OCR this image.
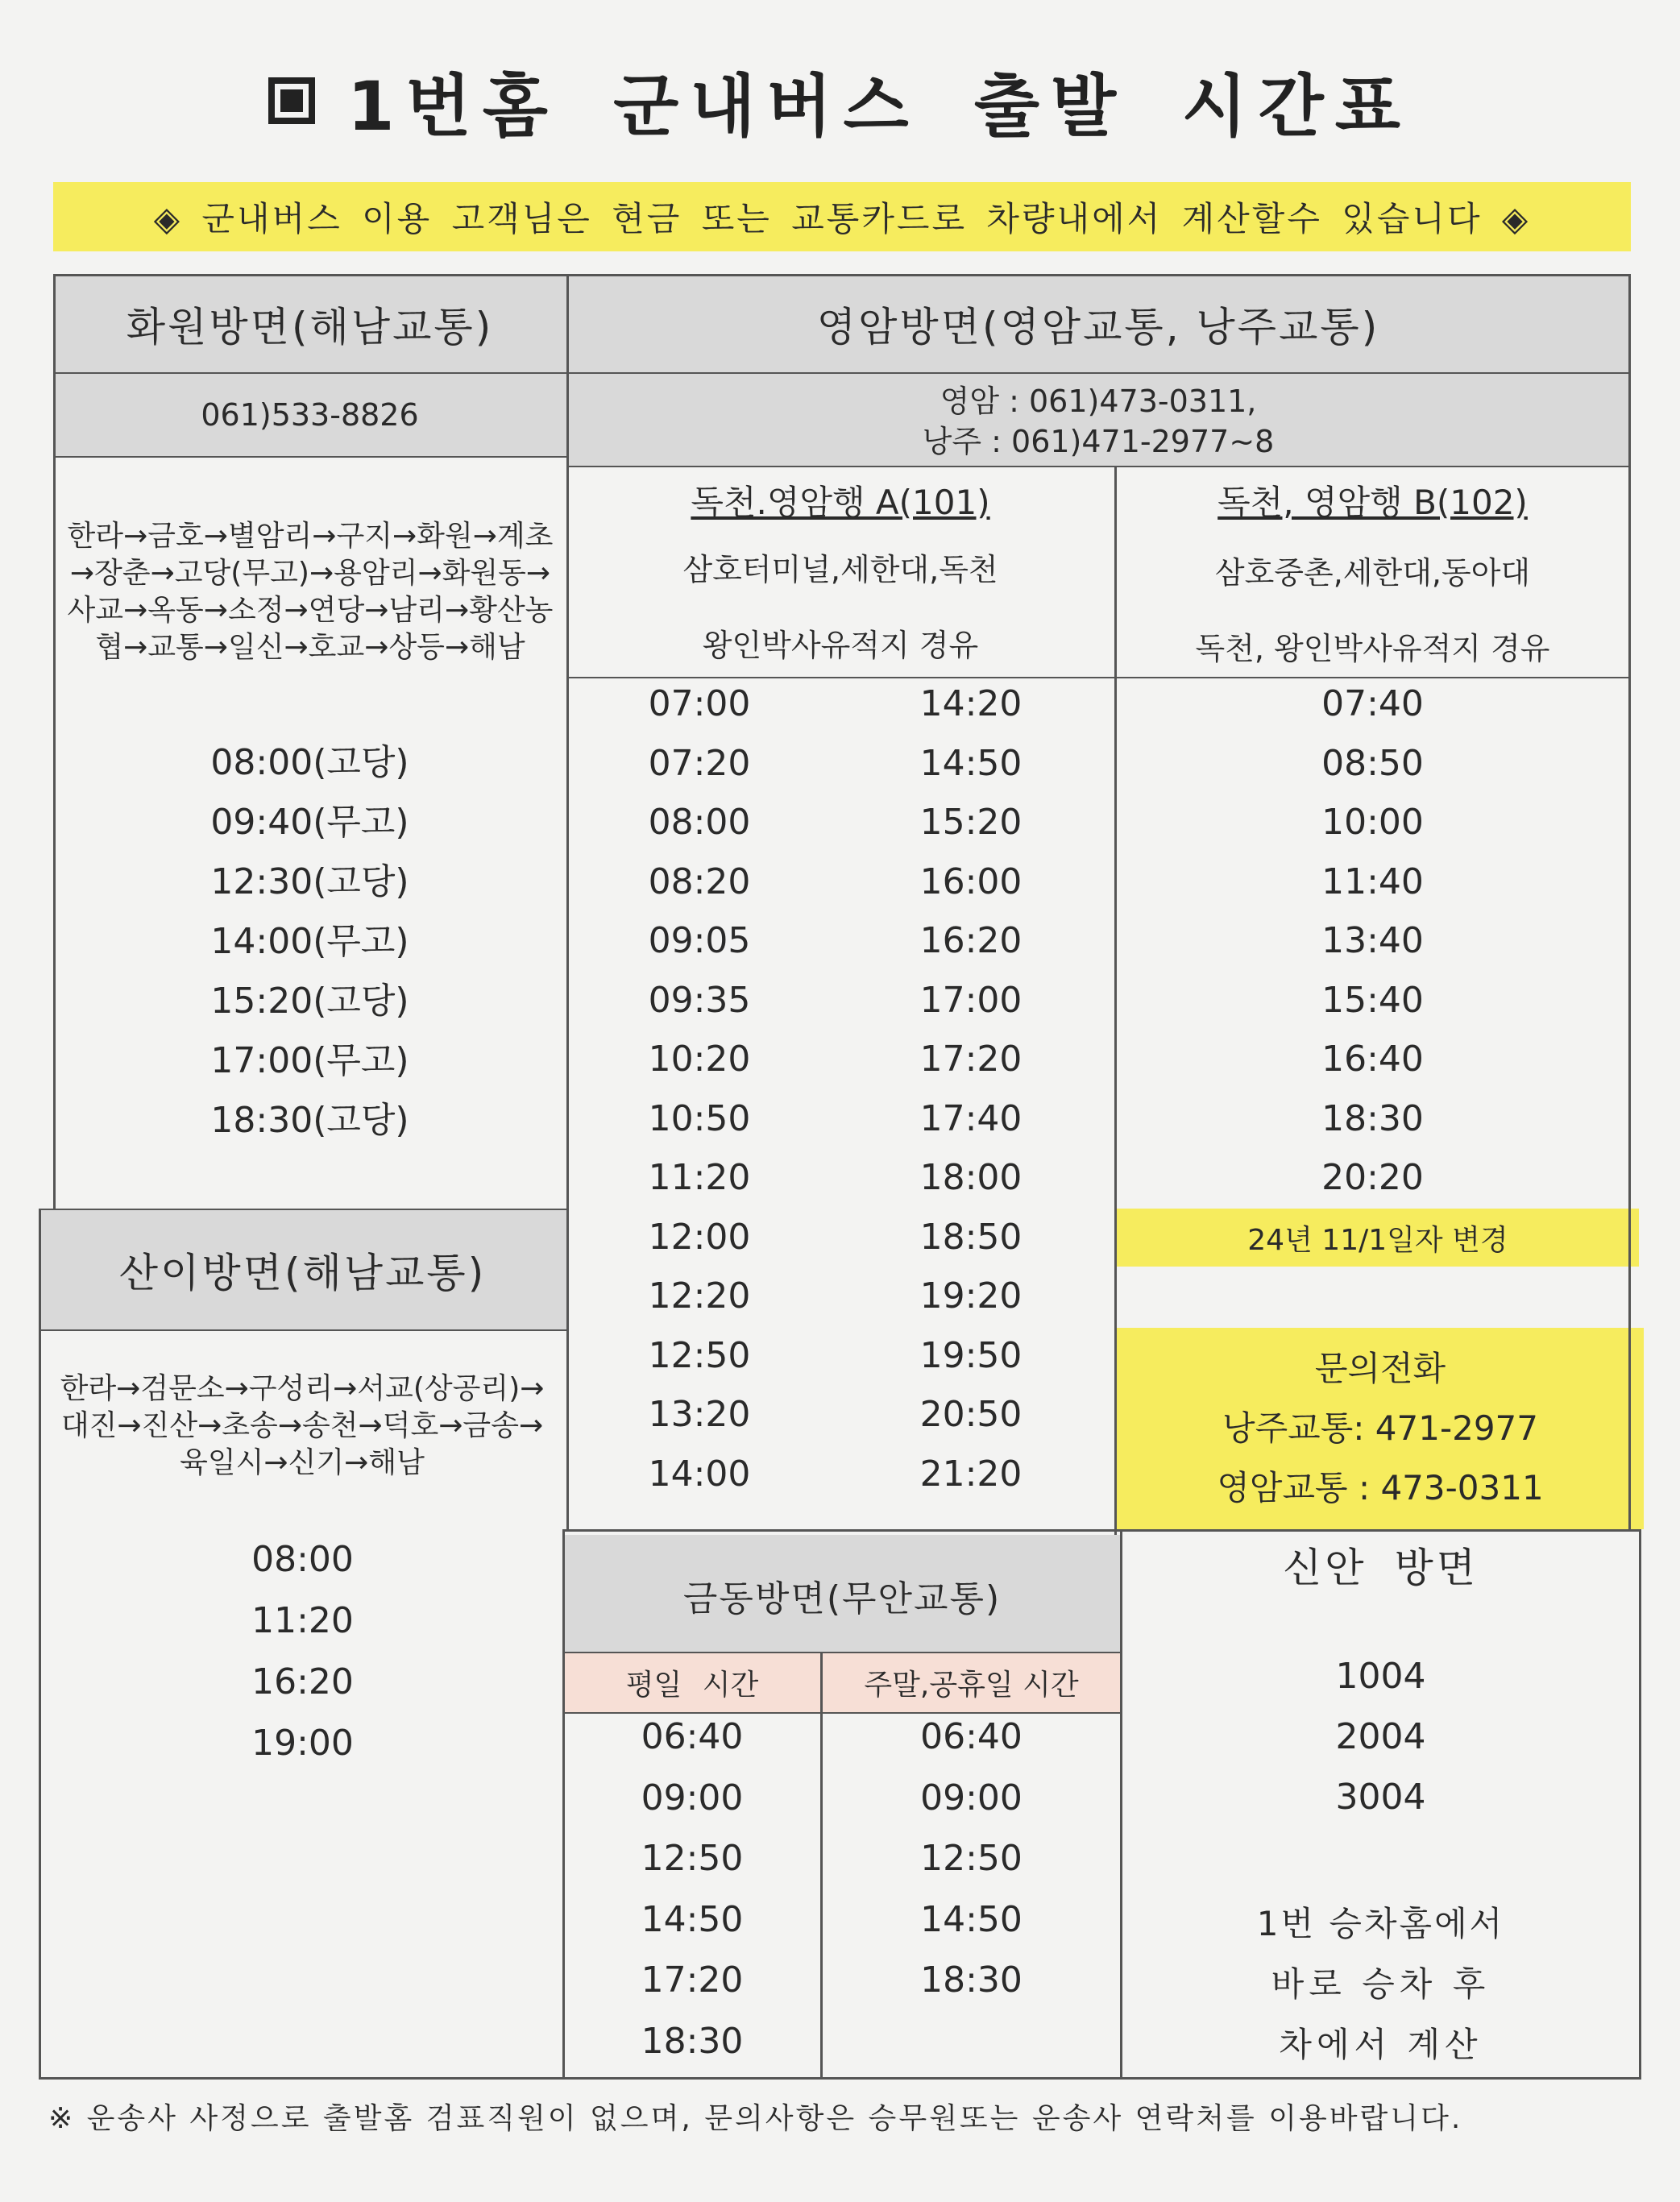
1번홈 군내버스 출발 시간표
◈ 군내버스 이용 고객님은 현금 또는 교통카드로 차량내에서 계산할수 있습니다 ◈
24년 11/1일자 변경
화원방면(해남교통)
061)533-8826
한라→금호→별암리→구지→화원→계초→장춘→고당(무고)→용암리→화원동→사교→옥동→소정→연당→남리→황산농협→교통→일신→호교→상등→해남
08:00(고당)
09:40(무고)
12:30(고당)
14:00(무고)
15:20(고당)
17:00(무고)
18:30(고당)
산이방면(해남교통)
한라→검문소→구성리→서교(상공리)→대진→진산→초송→송천→덕호→금송→육일시→신기→해남
08:00
11:20
16:20
19:00
영암방면(영암교통, 낭주교통)
영암 : 061)473-0311,
낭주 : 061)471-2977~8
독천.영암행 A(101)
삼호터미널,세한대,독천
왕인박사유적지 경유
독천, 영암행 B(102)
삼호중촌,세한대,동아대
독천, 왕인박사유적지 경유
07:00
07:20
08:00
08:20
09:05
09:35
10:20
10:50
11:20
12:00
12:20
12:50
13:20
14:00
14:20
14:50
15:20
16:00
16:20
17:00
17:20
17:40
18:00
18:50
19:20
19:50
20:50
21:20
07:40
08:50
10:00
11:40
13:40
15:40
16:40
18:30
20:20
문의전화
낭주교통: 471-2977
영암교통 : 473-0311
금동방면(무안교통)
평일 시간	주말,공휴일 시간
06:40
09:00
12:50
14:50
17:20
18:30
06:40
09:00
12:50
14:50
18:30
신안 방면
1004
2004
3004
1번 승차홈에서
바로 승차 후
차에서 계산
※ 운송사 사정으로 출발홈 검표직원이 없으며, 문의사항은 승무원또는 운송사 연락처를 이용바랍니다.
